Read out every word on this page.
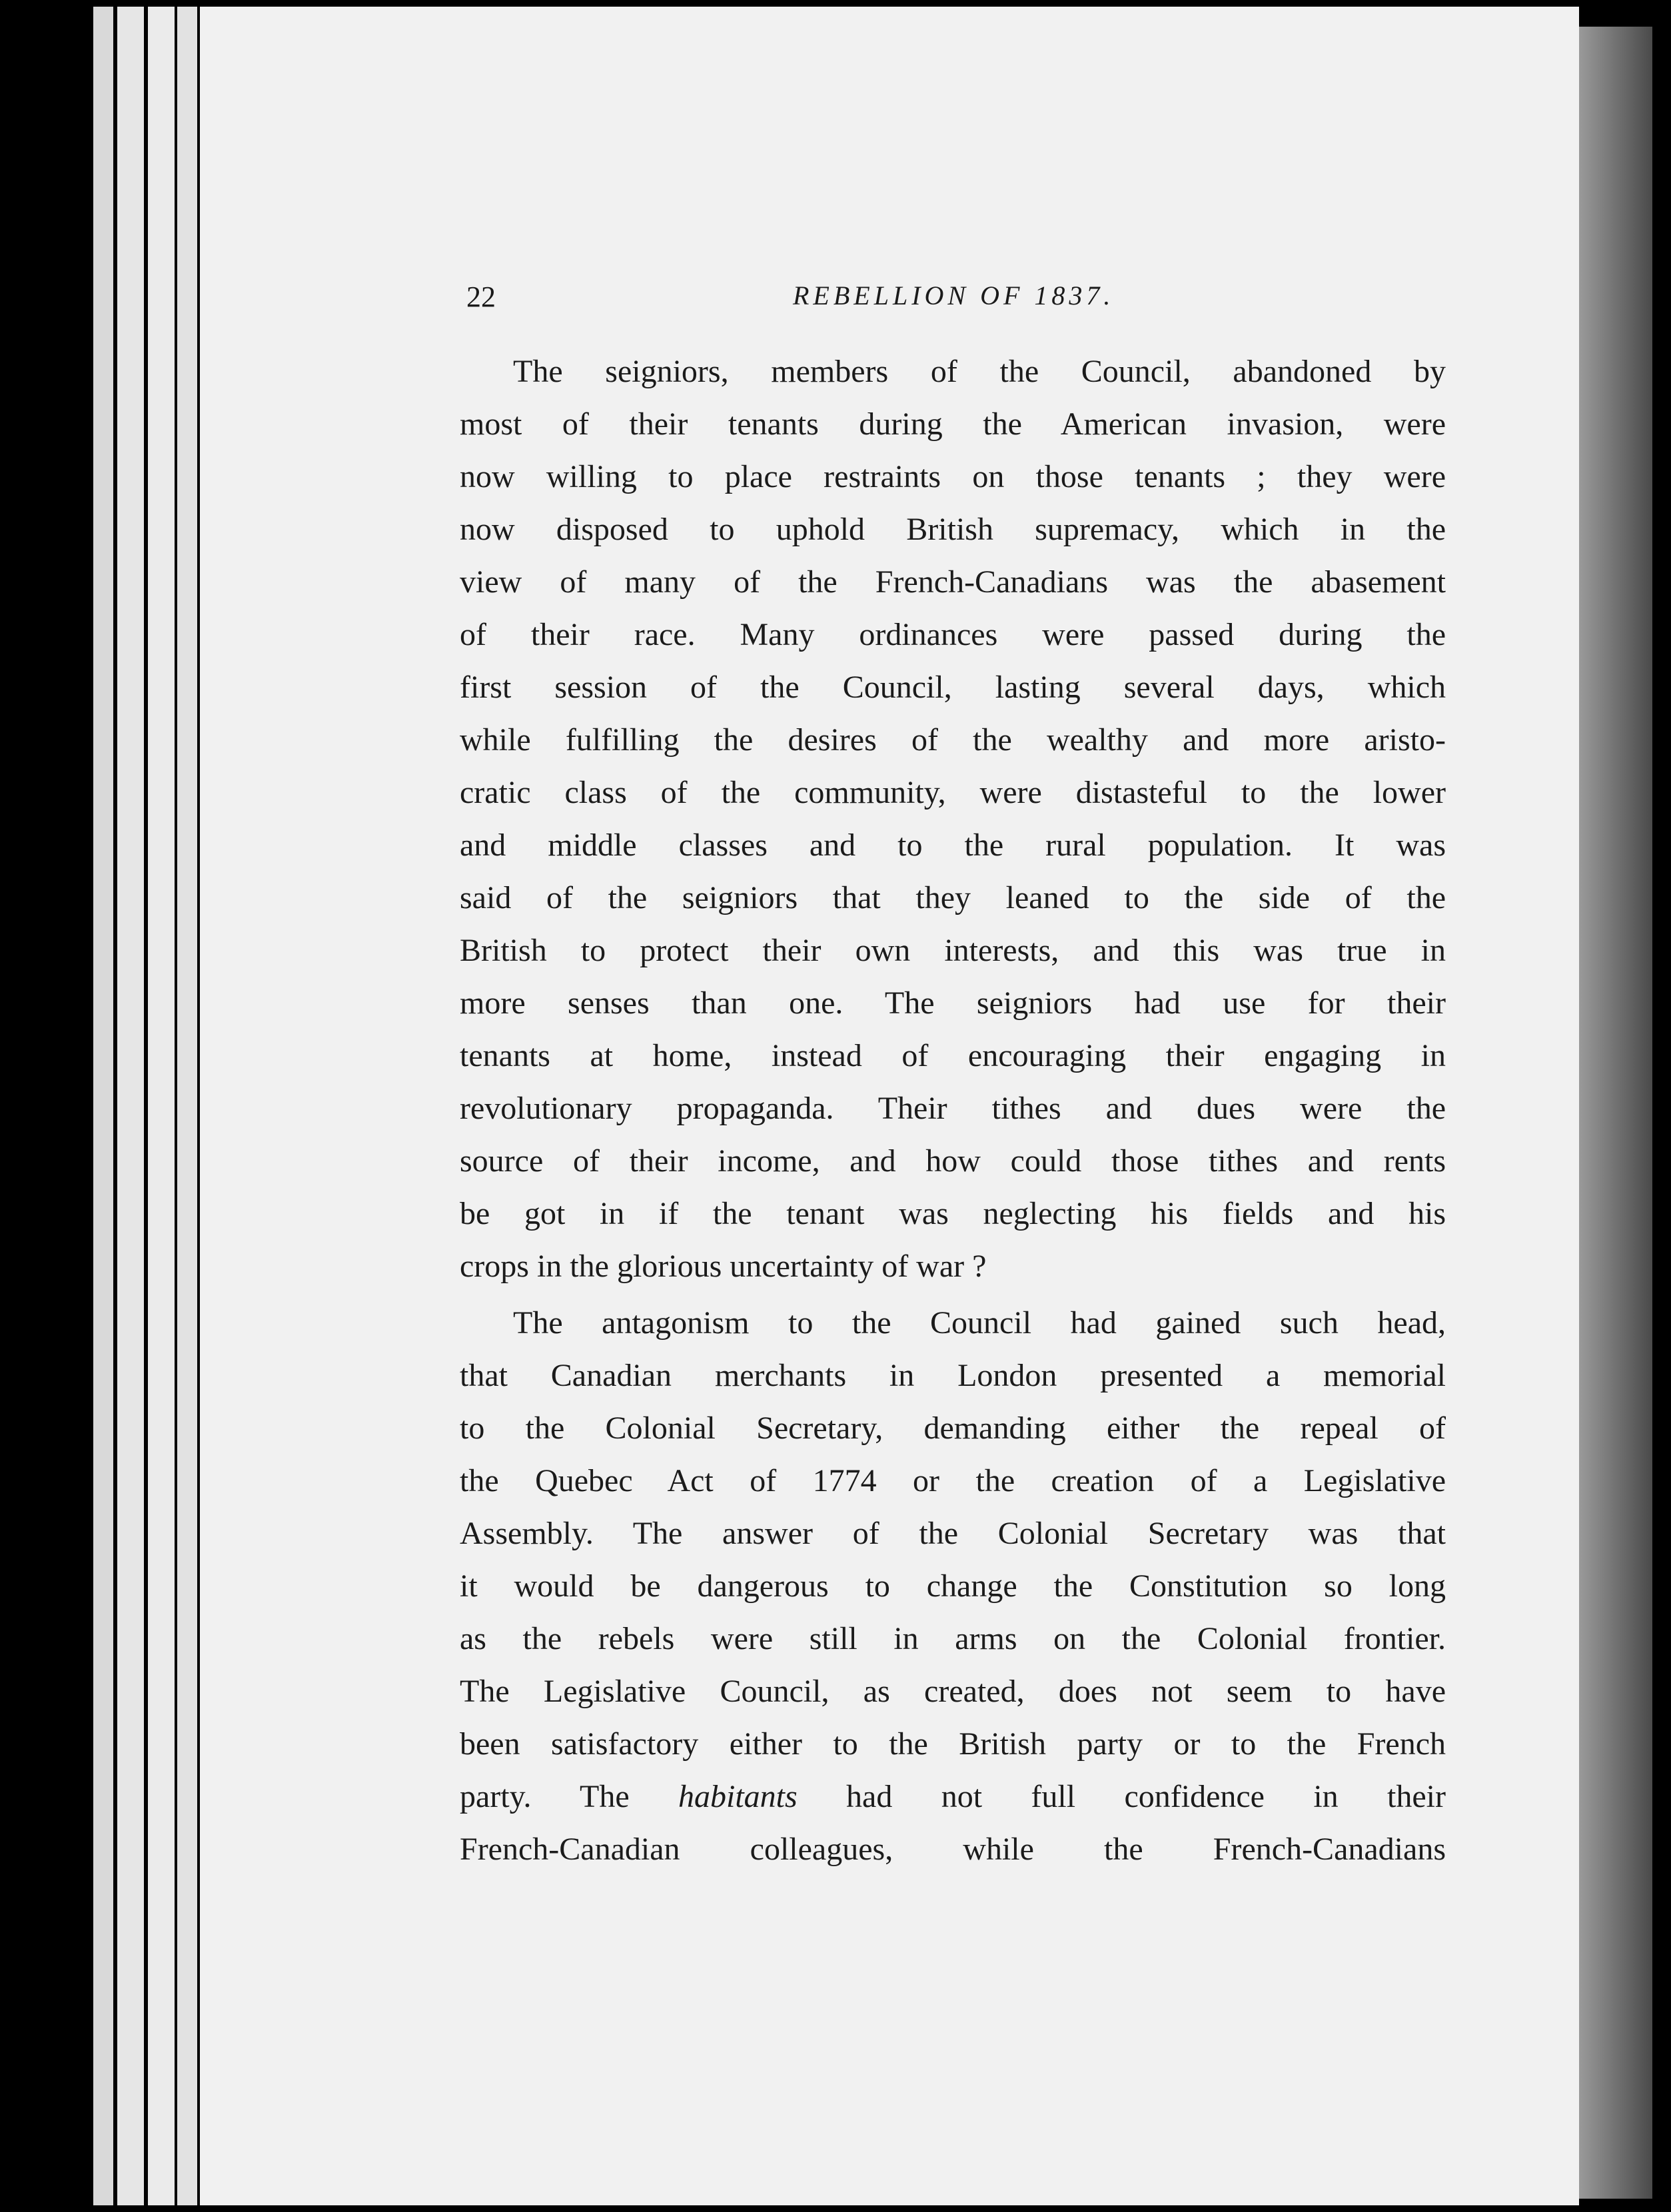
22	REBELLION OF 1837.
The seigniors, members of the Council, abandoned by
most of their tenants during the American invasion, were
now willing to place restraints on those tenants ; they were
now disposed to uphold British supremacy, which in the
view of many of the French-Canadians was the abasement
of their race. Many ordinances were passed during the
first session of the Council, lasting several days, which
while fulfilling the desires of the wealthy and more aristo-
cratic class of the community, were distasteful to the lower
and middle classes and to the rural population. It was
said of the seigniors that they leaned to the side of the
British to protect their own interests, and this was true in
more senses than one. The seigniors had use for their
tenants at home, instead of encouraging their engaging in
revolutionary propaganda. Their tithes and dues were the
source of their income, and how could those tithes and rents
be got in if the tenant was neglecting his fields and his
crops in the glorious uncertainty of war ?
The antagonism to the Council had gained such head,
that Canadian merchants in London presented a memorial
to the Colonial Secretary, demanding either the repeal of
the Quebec Act of 1774 or the creation of a Legislative
Assembly. The answer of the Colonial Secretary was that
it would be dangerous to change the Constitution so long
as the rebels were still in arms on the Colonial frontier.
The Legislative Council, as created, does not seem to have
been satisfactory either to the British party or to the French
party. The habitants had not full confidence in their
French-Canadian colleagues, while the French-Canadians
